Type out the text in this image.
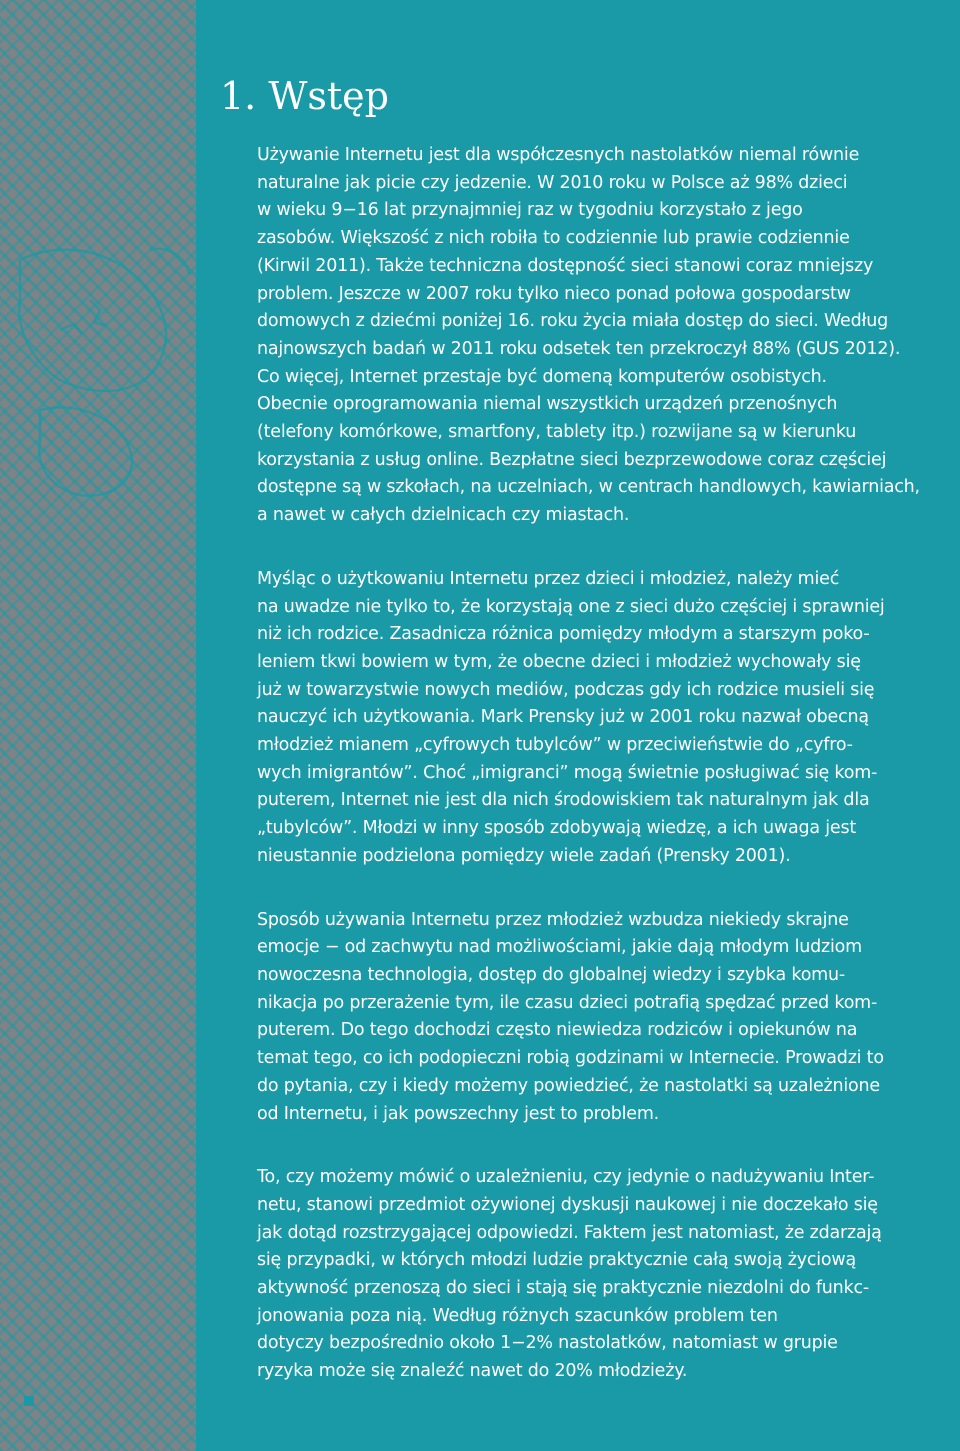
1. Wstęp

Używanie Internetu jest dla współczesnych nastolatków niemal równie
naturalne jak picie czy jedzenie. W 2010 roku w Polsce aż 98% dzieci
w wieku 9−16 lat przynajmniej raz w tygodniu korzystało z jego
zasobów. Większość z nich robiła to codziennie lub prawie codziennie
(Kirwil 2011). Także techniczna dostępność sieci stanowi coraz mniejszy
problem. Jeszcze w 2007 roku tylko nieco ponad połowa gospodarstw
domowych z dziećmi poniżej 16. roku życia miała dostęp do sieci. Według
najnowszych badań w 2011 roku odsetek ten przekroczył 88% (GUS 2012).
Co więcej, Internet przestaje być domeną komputerów osobistych.
Obecnie oprogramowania niemal wszystkich urządzeń przenośnych
(telefony komórkowe, smartfony, tablety itp.) rozwijane są w kierunku
korzystania z usług online. Bezpłatne sieci bezprzewodowe coraz częściej
dostępne są w szkołach, na uczelniach, w centrach handlowych, kawiarniach,
a nawet w całych dzielnicach czy miastach.

Myśląc o użytkowaniu Internetu przez dzieci i młodzież, należy mieć
na uwadze nie tylko to, że korzystają one z sieci dużo częściej i sprawniej
niż ich rodzice. Zasadnicza różnica pomiędzy młodym a starszym poko-
leniem tkwi bowiem w tym, że obecne dzieci i młodzież wychowały się
już w towarzystwie nowych mediów, podczas gdy ich rodzice musieli się
nauczyć ich użytkowania. Mark Prensky już w 2001 roku nazwał obecną
młodzież mianem „cyfrowych tubylców” w przeciwieństwie do „cyfro-
wych imigrantów”. Choć „imigranci” mogą świetnie posługiwać się kom-
puterem, Internet nie jest dla nich środowiskiem tak naturalnym jak dla
„tubylców”. Młodzi w inny sposób zdobywają wiedzę, a ich uwaga jest
nieustannie podzielona pomiędzy wiele zadań (Prensky 2001).

Sposób używania Internetu przez młodzież wzbudza niekiedy skrajne
emocje − od zachwytu nad możliwościami, jakie dają młodym ludziom
nowoczesna technologia, dostęp do globalnej wiedzy i szybka komu-
nikacja po przerażenie tym, ile czasu dzieci potrafią spędzać przed kom-
puterem. Do tego dochodzi często niewiedza rodziców i opiekunów na
temat tego, co ich podopieczni robią godzinami w Internecie. Prowadzi to
do pytania, czy i kiedy możemy powiedzieć, że nastolatki są uzależnione
od Internetu, i jak powszechny jest to problem.

To, czy możemy mówić o uzależnieniu, czy jedynie o nadużywaniu Inter-
netu, stanowi przedmiot ożywionej dyskusji naukowej i nie doczekało się
jak dotąd rozstrzygającej odpowiedzi. Faktem jest natomiast, że zdarzają
się przypadki, w których młodzi ludzie praktycznie całą swoją życiową
aktywność przenoszą do sieci i stają się praktycznie niezdolni do funkc-
jonowania poza nią. Według różnych szacunków problem ten
dotyczy bezpośrednio około 1−2% nastolatków, natomiast w grupie
ryzyka może się znaleźć nawet do 20% młodzieży.
